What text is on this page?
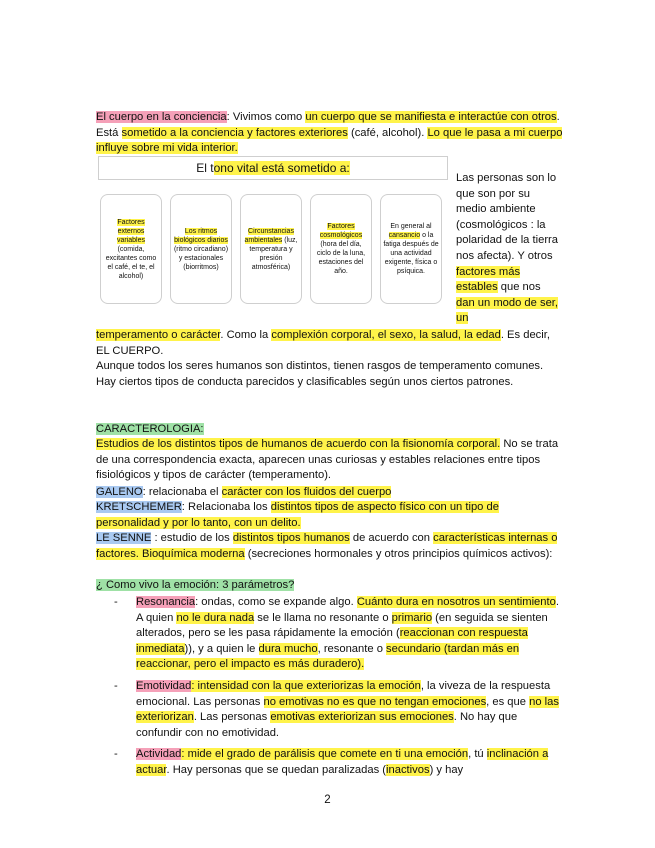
El cuerpo en la conciencia: Vivimos como un cuerpo que se manifiesta e interactúe con otros. Está sometido a la conciencia y factores exteriores (café, alcohol). Lo que le pasa a mi cuerpo influye sobre mi vida interior.

El tono vital está sometido a:
Factores externos variables (comida, excitantes como el café, el te, el alcohol)
Los ritmos biológicos diarios (ritmo circadiano) y estacionales (biorritmos)
Circunstancias ambientales (luz, temperatura y presión atmosférica)
Factores cosmológicos (hora del día, ciclo de la luna, estaciones del año.
En general al cansancio o la fatiga después de una actividad exigente, física o psíquica.
Las personas son lo que son por su medio ambiente (cosmológicos : la polaridad de la tierra nos afecta). Y otros factores más estables que nos dan un modo de ser, un

temperamento o carácter. Como la complexión corporal, el sexo, la salud, la edad. Es decir, EL CUERPO.

Aunque todos los seres humanos son distintos, tienen rasgos de temperamento comunes. Hay ciertos tipos de conducta parecidos y clasificables según unos ciertos patrones.

CARACTEROLOGIA:

Estudios de los distintos tipos de humanos de acuerdo con la fisionomía corporal. No se trata de una correspondencia exacta, aparecen unas curiosas y estables relaciones entre tipos fisiológicos y tipos de carácter (temperamento).

GALENO: relacionaba el carácter con los fluidos del cuerpo

KRETSCHEMER: Relacionaba los distintos tipos de aspecto físico con un tipo de personalidad y por lo tanto, con un delito.

LE SENNE : estudio de los distintos tipos humanos de acuerdo con características internas o factores. Bioquímica moderna (secreciones hormonales y otros principios químicos activos):

¿ Como vivo la emoción: 3 parámetros?

- Resonancia: ondas, como se expande algo. Cuánto dura en nosotros un sentimiento. A quien no le dura nada se le llama no resonante o primario (en seguida se sienten alterados, pero se les pasa rápidamente la emoción (reaccionan con respuesta inmediata)), y a quien le dura mucho, resonante o secundario (tardan más en reaccionar, pero el impacto es más duradero).
- Emotividad: intensidad con la que exteriorizas la emoción, la viveza de la respuesta emocional. Las personas no emotivas no es que no tengan emociones, es que no las exteriorizan. Las personas emotivas exteriorizan sus emociones. No hay que confundir con no emotividad.
- Actividad: mide el grado de parálisis que comete en ti una emoción, tú inclinación a actuar. Hay personas que se quedan paralizadas (inactivos) y hay
2
